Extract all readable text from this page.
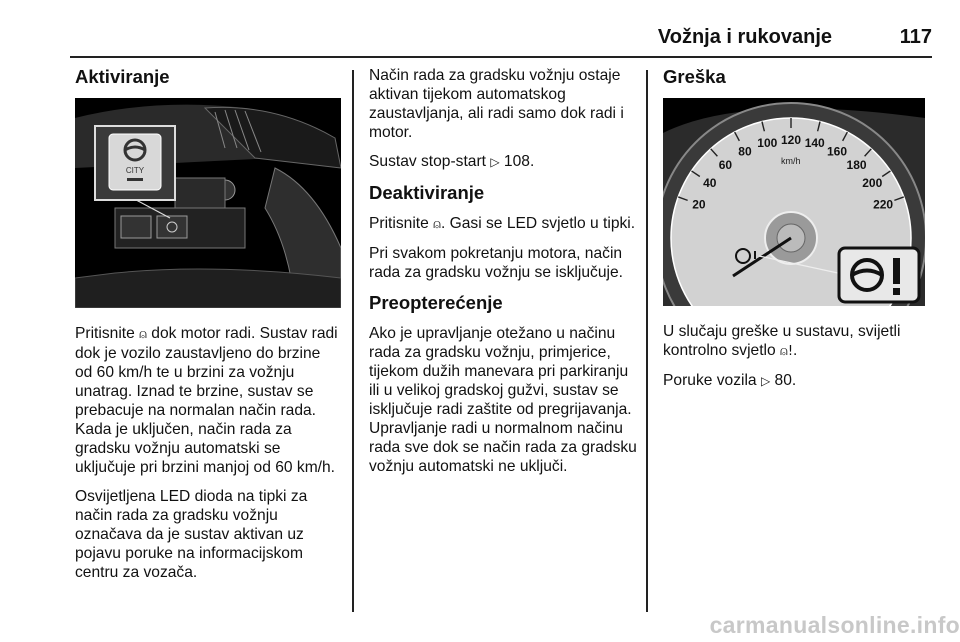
Vožnja i rukovanje	117
Aktiviranje
CITY

Pritisnite ⍝ dok motor radi. Sustav radi dok je vozilo zaustavljeno do brzine od 60 km/h te u brzini za vožnju unatrag. Iznad te brzine, sustav se prebacuje na normalan način rada. Kada je uključen, način rada za gradsku vožnju automatski se uključuje pri brzini manjoj od 60 km/h.

Osvijetljena LED dioda na tipki za način rada za gradsku vožnju označava da je sustav aktivan uz pojavu poruke na informacijskom centru za vozača.

Način rada za gradsku vožnju ostaje aktivan tijekom automatskog zaustavljanja, ali radi samo dok radi i motor.

Sustav stop-start ▷ 108.

Deaktiviranje

Pritisnite ⍝. Gasi se LED svjetlo u tipki.

Pri svakom pokretanju motora, način rada za gradsku vožnju se isključuje.

Preopterećenje

Ako je upravljanje otežano u načinu rada za gradsku vožnju, primjerice, tijekom dužih manevara pri parkiranju ili u velikoj gradskoj gužvi, sustav se isključuje radi zaštite od pregrijavanja. Upravljanje radi u normalnom načinu rada sve dok se način rada za gradsku vožnju automatski ne uključi.

Greška
20
40
60
80
100 120 140
160
180
200
220
km/h

U slučaju greške u sustavu, svijetli kontrolno svjetlo ⍝!.

Poruke vozila ▷ 80.

carmanualsonline.info
